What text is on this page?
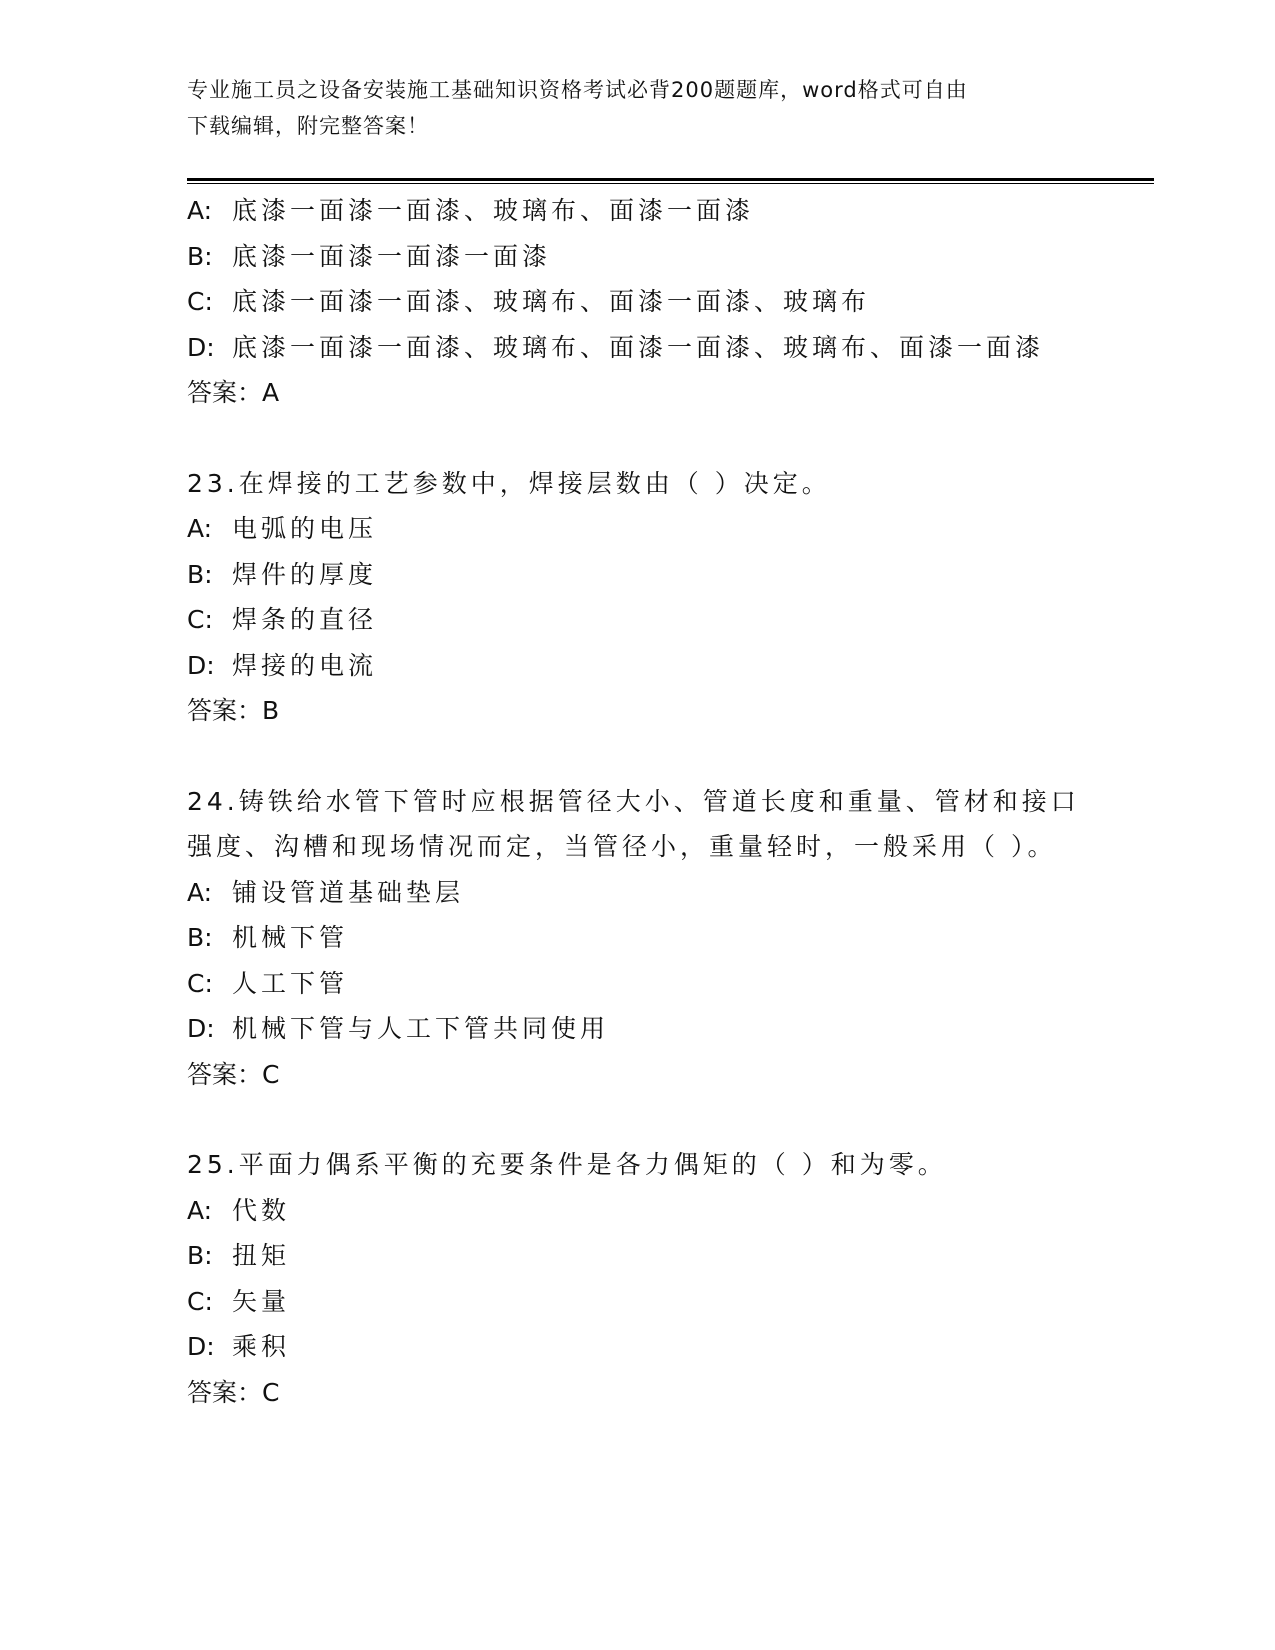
专业施工员之设备安装施工基础知识资格考试必背200题题库，word格式可自由
下载编辑，附完整答案！
A: 底漆一面漆一面漆、玻璃布、面漆一面漆
B: 底漆一面漆一面漆一面漆
C: 底漆一面漆一面漆、玻璃布、面漆一面漆、玻璃布
D: 底漆一面漆一面漆、玻璃布、面漆一面漆、玻璃布、面漆一面漆
答案：A
23.在焊接的工艺参数中，焊接层数由（ ）决定。
A: 电弧的电压
B: 焊件的厚度
C: 焊条的直径
D: 焊接的电流
答案：B
24.铸铁给水管下管时应根据管径大小、管道长度和重量、管材和接口
强度、沟槽和现场情况而定，当管径小，重量轻时，一般采用（ ）。
A: 铺设管道基础垫层
B: 机械下管
C: 人工下管
D: 机械下管与人工下管共同使用
答案：C
25.平面力偶系平衡的充要条件是各力偶矩的（ ）和为零。
A: 代数
B: 扭矩
C: 矢量
D: 乘积
答案：C
